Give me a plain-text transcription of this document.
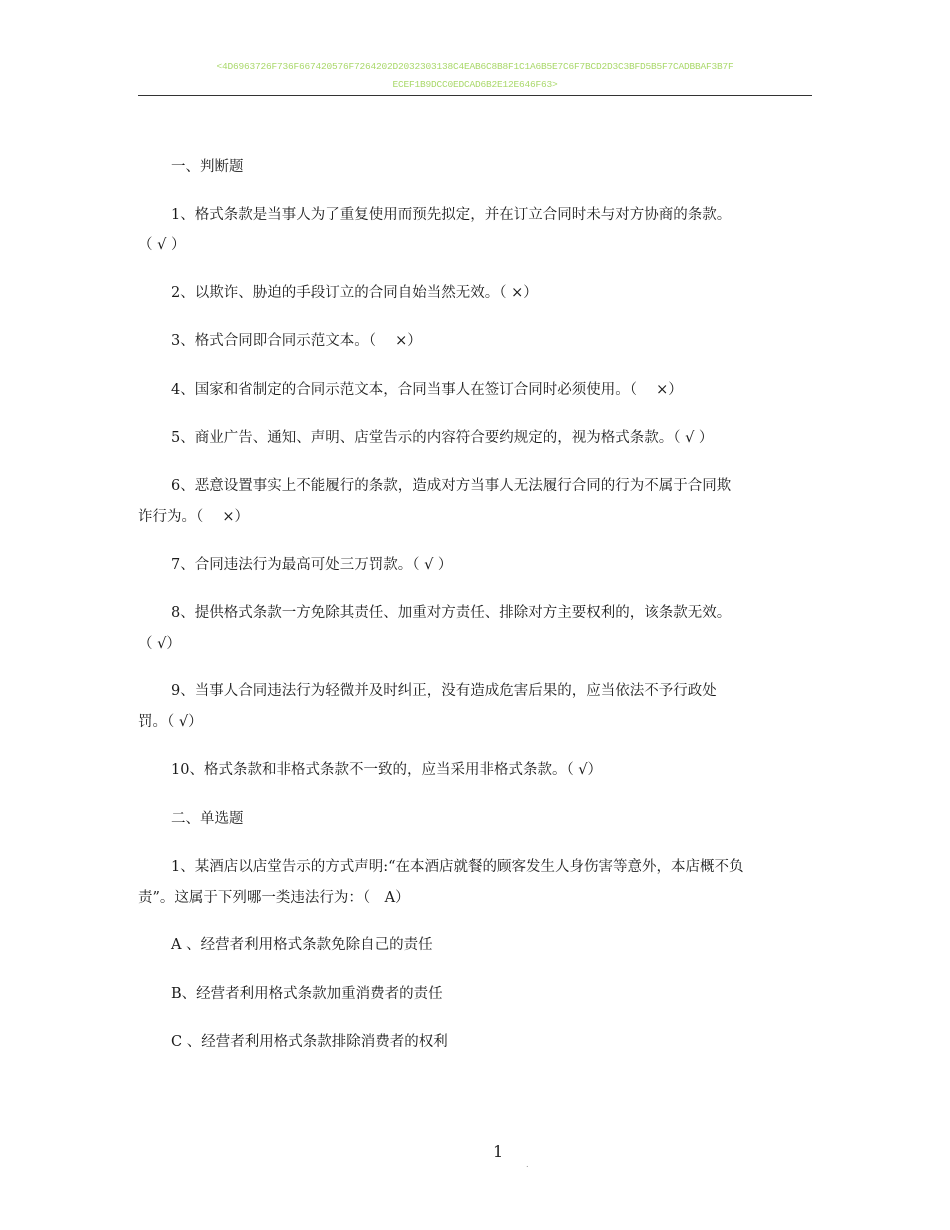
<4D6963726F736F667420576F7264202D2032303138C4EAB6C8B8F1C1A6B5E7C6F7BCD2D3C3BFD5B5F7CADBBAF3B7F
ECEF1B9DCC0EDCAD6B2E12E646F63>
一、判断题
1、格式条款是当事人为了重复使用而预先拟定，并在订立合同时未与对方协商的条款。
（ √ ）
2、以欺诈、胁迫的手段订立的合同自始当然无效。（ ×）
3、格式合同即合同示范文本。（　 ×）
4、国家和省制定的合同示范文本，合同当事人在签订合同时必须使用。（　 ×）
5、商业广告、通知、声明、店堂告示的内容符合要约规定的，视为格式条款。（ √ ）
6、恶意设置事实上不能履行的条款，造成对方当事人无法履行合同的行为不属于合同欺
诈行为。（　 ×）
7、合同违法行为最高可处三万罚款。（ √ ）
8、提供格式条款一方免除其责任、加重对方责任、排除对方主要权利的，该条款无效。
（ √）
9、当事人合同违法行为轻微并及时纠正，没有造成危害后果的，应当依法不予行政处
罚。（ √）
10、格式条款和非格式条款不一致的，应当采用非格式条款。（ √）
二、单选题
1、某酒店以店堂告示的方式声明:“在本酒店就餐的顾客发生人身伤害等意外，本店概不负
责”。这属于下列哪一类违法行为：（　A）
A 、经营者利用格式条款免除自己的责任
B、经营者利用格式条款加重消费者的责任
C 、经营者利用格式条款排除消费者的权利
1
.
